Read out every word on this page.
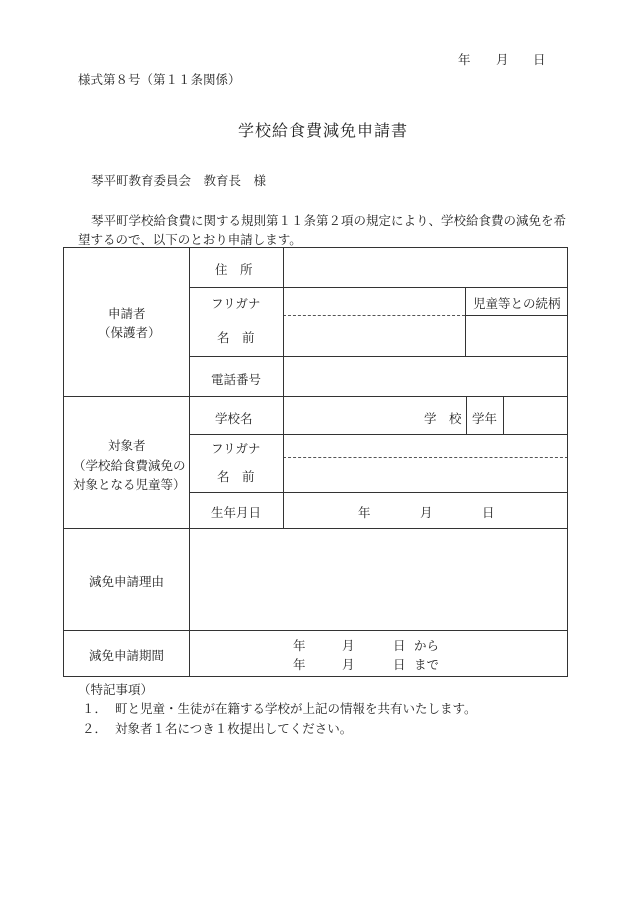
年 月 日
様式第８号（第１１条関係）
学校給食費減免申請書
琴平町教育委員会　教育長　様
琴平町学校給食費に関する規則第１１条第２項の規定により、学校給食費の減免を希
望するので、以下のとおり申請します。
申請者
（保護者）
住　所
フリガナ	児童等との続柄
名　前
電話番号
対象者
（学校給食費減免の
対象となる児童等）
学校名	学　校 学年
フリガナ
名　前
生年月日	年	月	日
減免申請理由
減免申請期間
年	月	日 から
年	月	日 まで
（特記事項）
１． 町と児童・生徒が在籍する学校が上記の情報を共有いたします。
２． 対象者１名につき１枚提出してください。
